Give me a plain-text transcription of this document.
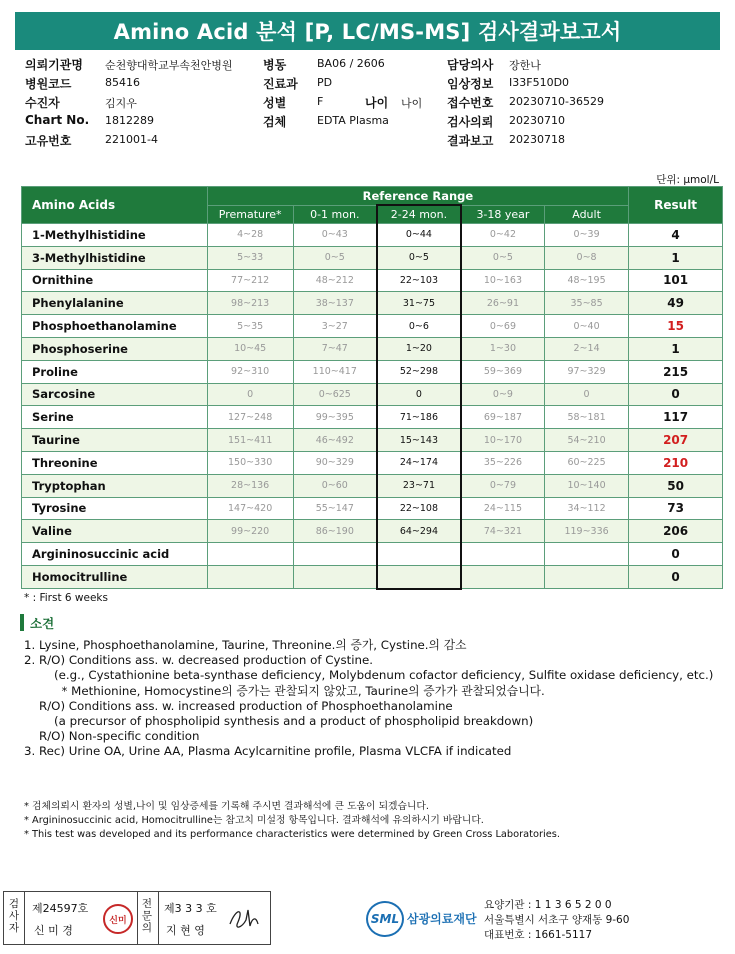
Amino Acid 분석 [P, LC/MS-MS] 검사결과보고서
의뢰기관명 순천향대학교부속천안병원	병동	BA06 / 2606	담당의사 장한나
병원코드	85416	진료과 PD	임상정보 I33F510D0
수진자	김지우	성별	F	접수번호 20230710-36529
Chart No. 1812289	검체	EDTA Plasma	검사의뢰 20230710
고유번호	221001-4	결과보고 20230718
나이 나이
단위: μmol/L
Amino Acids	Reference Range					Result
	Premature*	0-1 mon.	2-24 mon.	3-18 year	Adult	
1-Methylhistidine	4~28	0~43	0~44	0~42	0~39	4
3-Methylhistidine	5~33	0~5	0~5	0~5	0~8	1
Ornithine	77~212	48~212	22~103	10~163	48~195	101
Phenylalanine	98~213	38~137	31~75	26~91	35~85	49
Phosphoethanolamine	5~35	3~27	0~6	0~69	0~40	15
Phosphoserine	10~45	7~47	1~20	1~30	2~14	1
Proline	92~310	110~417	52~298	59~369	97~329	215
Sarcosine	0	0~625	0	0~9	0	0
Serine	127~248	99~395	71~186	69~187	58~181	117
Taurine	151~411	46~492	15~143	10~170	54~210	207
Threonine	150~330	90~329	24~174	35~226	60~225	210
Tryptophan	28~136	0~60	23~71	0~79	10~140	50
Tyrosine	147~420	55~147	22~108	24~115	34~112	73
Valine	99~220	86~190	64~294	74~321	119~336	206
Argininosuccinic acid						0
Homocitrulline						0
* : First 6 weeks
소견
1. Lysine, Phosphoethanolamine, Taurine, Threonine.의 증가, Cystine.의 감소
2. R/O) Conditions ass. w. decreased production of Cystine.
(e.g., Cystathionine beta-synthase deficiency, Molybdenum cofactor deficiency, Sulfite oxidase deficiency, etc.)
* Methionine, Homocystine의 증가는 관찰되지 않았고, Taurine의 증가가 관찰되었습니다.
R/O) Conditions ass. w. increased production of Phosphoethanolamine
(a precursor of phospholipid synthesis and a product of phospholipid breakdown)
R/O) Non-specific condition
3. Rec) Urine OA, Urine AA, Plasma Acylcarnitine profile, Plasma VLCFA if indicated
* 검체의뢰시 환자의 성별,나이 및 임상증세를 기록해 주시면 결과해석에 큰 도움이 되겠습니다.
* Argininosuccinic acid, Homocitrulline는 참고치 미설정 항목입니다. 결과해석에 유의하시기 바랍니다.
* This test was developed and its performance characteristics were determined by Green Cross Laboratories.
검사자
제24597호
신 미 경
신미
전문의
제3 3 3 호
지 현 영
SML 삼광의료재단
요양기관 : 1 1 3 6 5 2 0 0
서울특별시 서초구 양재동 9-60
대표번호 : 1661-5117
